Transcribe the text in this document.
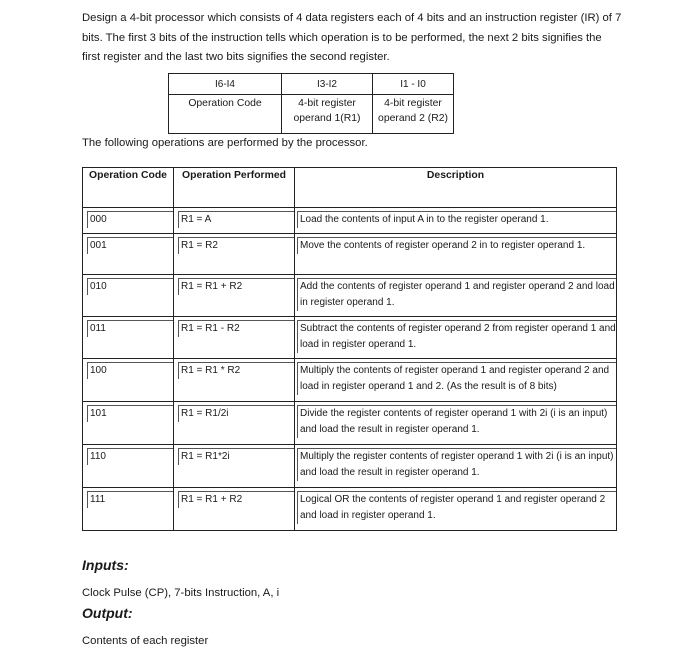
Design a 4-bit processor which consists of 4 data registers each of 4 bits and an instruction register (IR) of 7 bits. The first 3 bits of the instruction tells which operation is to be performed, the next 2 bits signifies the first register and the last two bits signifies the second register.
I6-I4	I3-I2	I1 - I0
Operation Code	4-bit register operand 1(R1)	4-bit register operand 2 (R2)
The following operations are performed by the processor.
Operation Code	Operation Performed	Description

000	R1 = A	Load the contents of input A in to the register operand 1.

001	R1 = R2	Move the contents of register operand 2 in to register operand 1.

010	R1 = R1 + R2	Add the contents of register operand 1 and register operand 2 and load in register operand 1.

011	R1 = R1 - R2	Subtract the contents of register operand 2 from register operand 1 and load in register operand 1.

100	R1 = R1 * R2	Multiply the contents of register operand 1 and register operand 2 and load in register operand 1 and 2. (As the result is of 8 bits)

101	R1 = R1/2i	Divide the register contents of register operand 1 with 2i (i is an input) and load the result in register operand 1.

110	R1 = R1*2i	Multiply the register contents of register operand 1 with 2i (i is an input) and load the result in register operand 1.

111	R1 = R1 + R2	Logical OR the contents of register operand 1 and register operand 2 and load in register operand 1.
Inputs:
Clock Pulse (CP), 7-bits Instruction, A, i
Output:
Contents of each register
